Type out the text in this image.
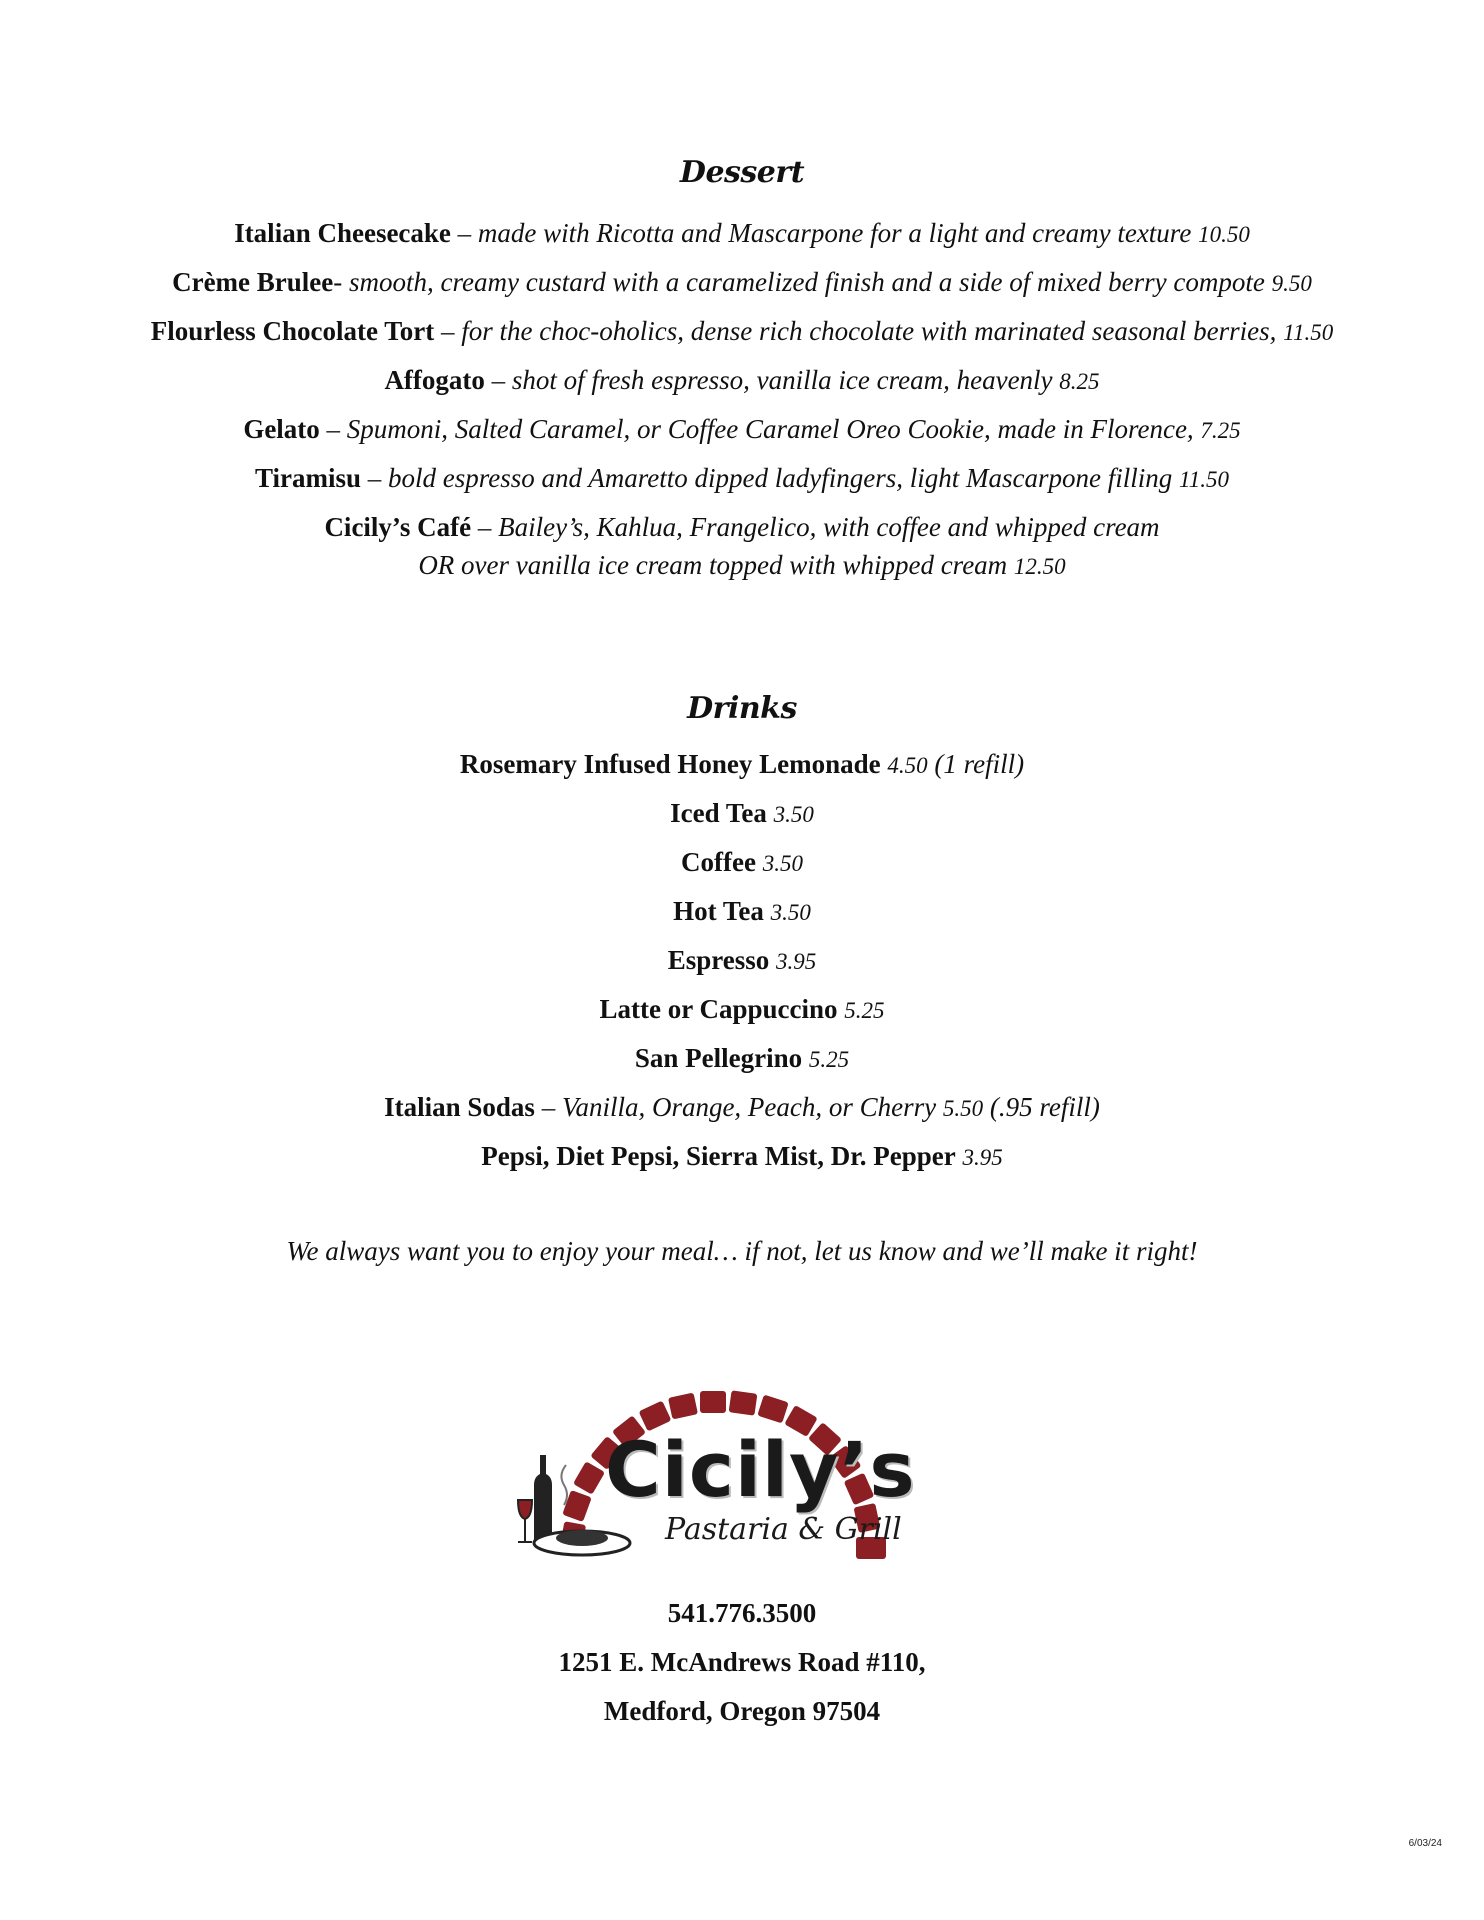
Dessert
Italian Cheesecake – made with Ricotta and Mascarpone for a light and creamy texture 10.50
Crème Brulee- smooth, creamy custard with a caramelized finish and a side of mixed berry compote 9.50
Flourless Chocolate Tort – for the choc-oholics, dense rich chocolate with marinated seasonal berries, 11.50
Affogato – shot of fresh espresso, vanilla ice cream, heavenly 8.25
Gelato – Spumoni, Salted Caramel, or Coffee Caramel Oreo Cookie, made in Florence, 7.25
Tiramisu – bold espresso and Amaretto dipped ladyfingers, light Mascarpone filling 11.50
Cicily’s Café – Bailey’s, Kahlua, Frangelico, with coffee and whipped cream
OR over vanilla ice cream topped with whipped cream 12.50
Drinks
Rosemary Infused Honey Lemonade 4.50 (1 refill)
Iced Tea 3.50
Coffee 3.50
Hot Tea 3.50
Espresso 3.95
Latte or Cappuccino 5.25
San Pellegrino 5.25
Italian Sodas – Vanilla, Orange, Peach, or Cherry 5.50 (.95 refill)
Pepsi, Diet Pepsi, Sierra Mist, Dr. Pepper 3.95
We always want you to enjoy your meal… if not, let us know and we’ll make it right!
Cicily’s
Pastaria & Grill
541.776.3500
1251 E. McAndrews Road #110,
Medford, Oregon 97504
6/03/24
